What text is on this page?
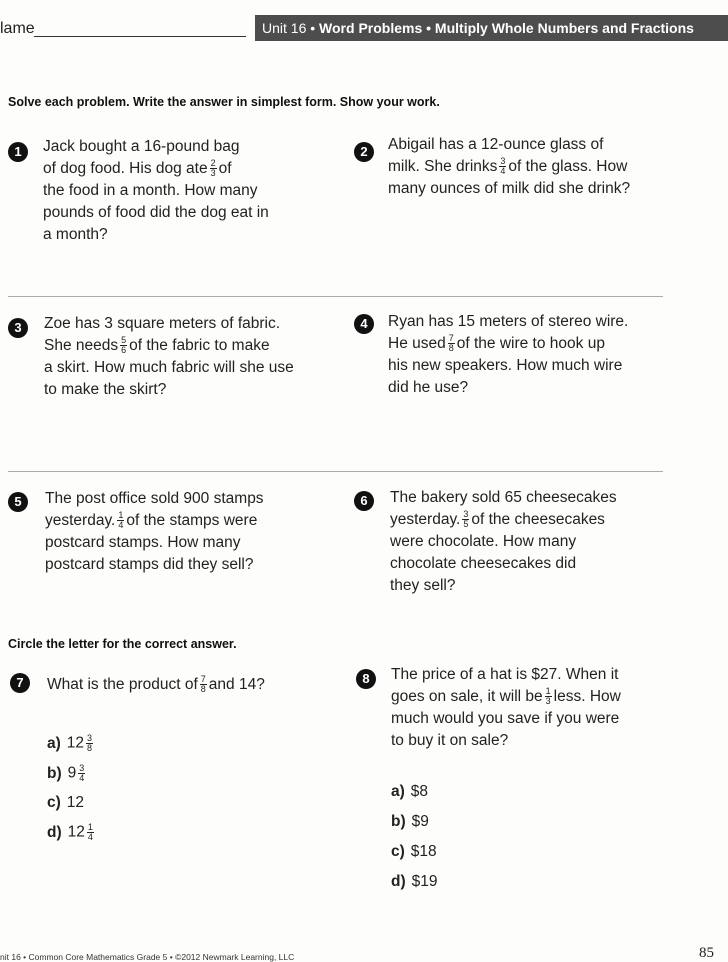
lame	Unit 16 • Word Problems • Multiply Whole Numbers and Fractions
Solve each problem. Write the answer in simplest form. Show your work.
1	Jack bought a 16-pound bag
of dog food. His dog ate $\frac{2}{3}$ of
the food in a month. How many
pounds of food did the dog eat in
a month?
2	Abigail has a 12-ounce glass of
milk. She drinks $\frac{3}{4}$ of the glass. How
many ounces of milk did she drink?
3	Zoe has 3 square meters of fabric.
She needs $\frac{5}{6}$ of the fabric to make
a skirt. How much fabric will she use
to make the skirt?
4	Ryan has 15 meters of stereo wire.
He used $\frac{7}{8}$ of the wire to hook up
his new speakers. How much wire
did he use?
5	The post office sold 900 stamps
yesterday. $\frac{1}{4}$ of the stamps were
postcard stamps. How many
postcard stamps did they sell?
6	The bakery sold 65 cheesecakes
yesterday. $\frac{3}{5}$ of the cheesecakes
were chocolate. How many
chocolate cheesecakes did
they sell?
Circle the letter for the correct answer.
7	What is the product of $\frac{7}{8}$ and 14?
a) $12 \frac{3}{8}$
b) $9 \frac{3}{4}$
c) 12
d) $12 \frac{1}{4}$
8	The price of a hat is $27. When it
goes on sale, it will be $\frac{1}{3}$ less. How
much would you save if you were
to buy it on sale?
a) $8
b) $9
c) $18
d) $19
nit 16 • Common Core Mathematics Grade 5 • ©2012 Newmark Learning, LLC	85
